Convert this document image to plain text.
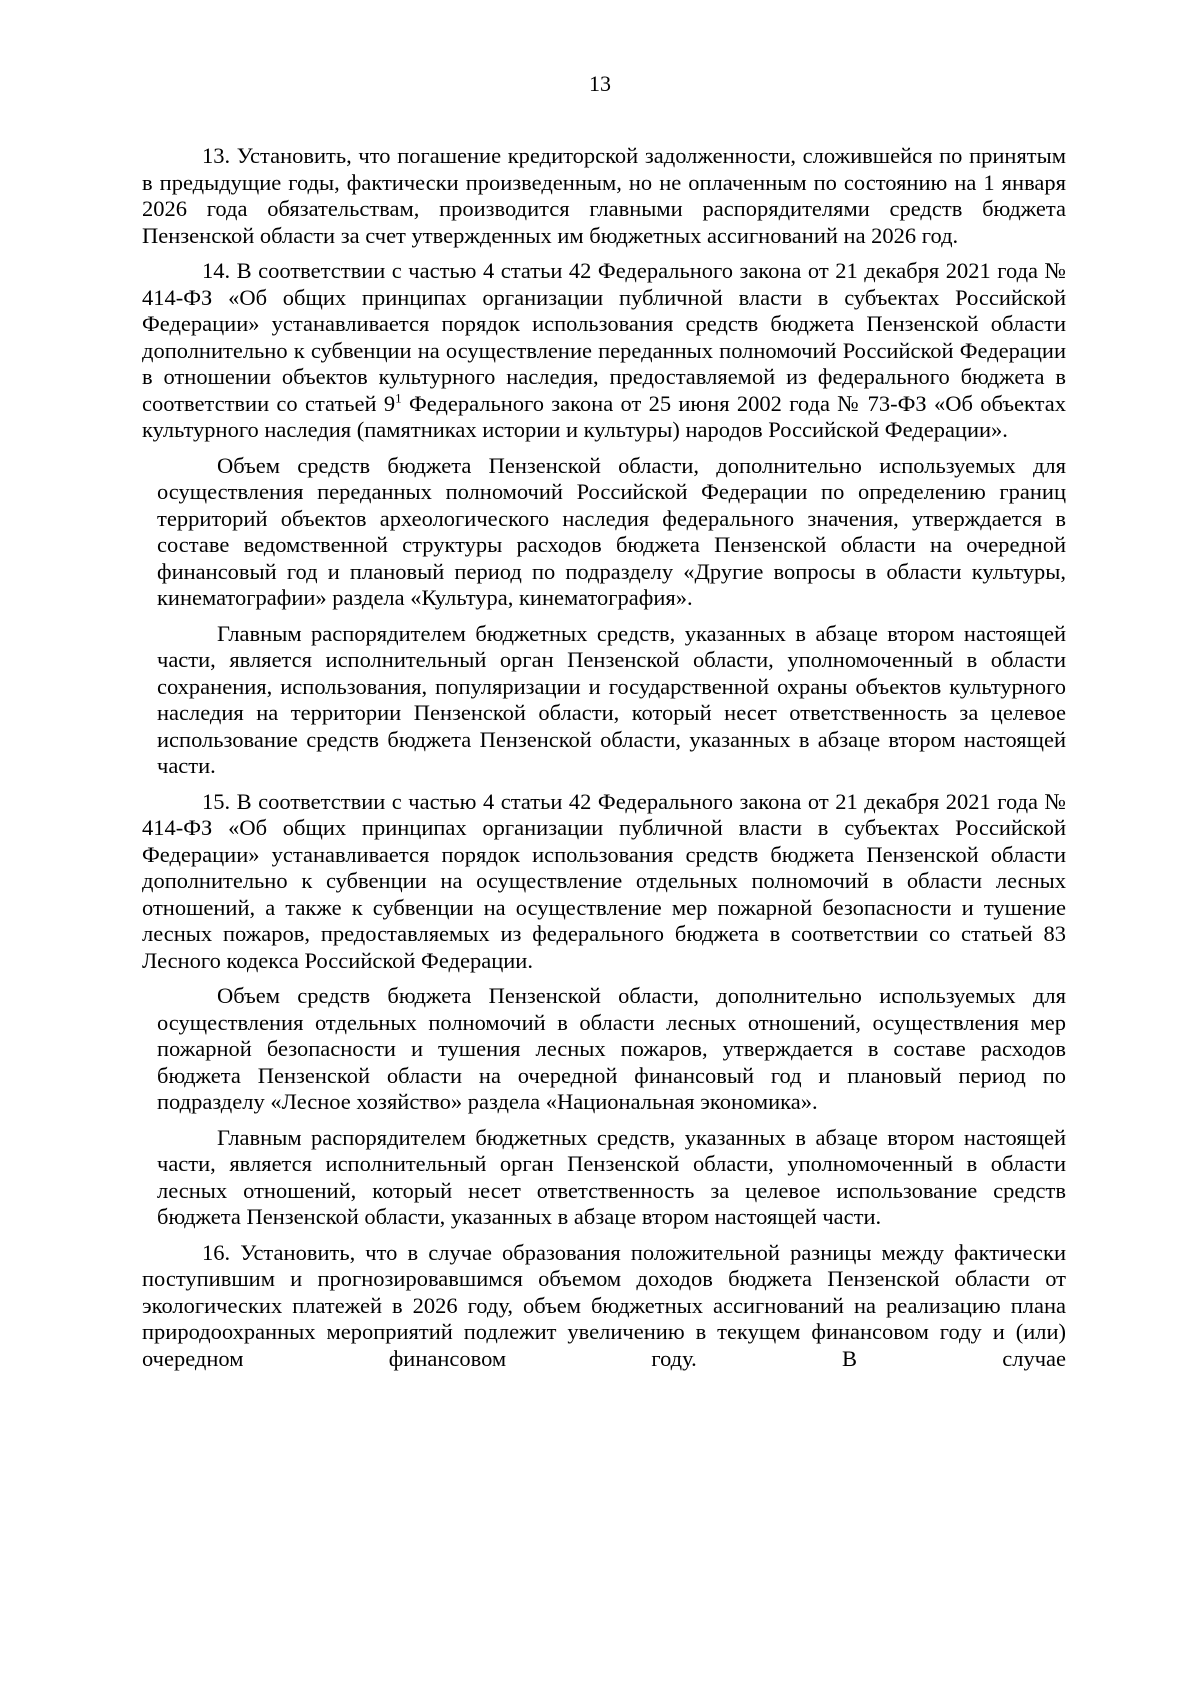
13

13. Установить, что погашение кредиторской задолженности, сложившейся по принятым в предыдущие годы, фактически произведенным, но не оплаченным по состоянию на 1 января 2026 года обязательствам, производится главными распорядителями средств бюджета Пензенской области за счет утвержденных им бюджетных ассигнований на 2026 год.

14. В соответствии с частью 4 статьи 42 Федерального закона от 21 декабря 2021 года № 414-ФЗ «Об общих принципах организации публичной власти в субъектах Российской Федерации» устанавливается порядок использования средств бюджета Пензенской области дополнительно к субвенции на осуществление переданных полномочий Российской Федерации в отношении объектов культурного наследия, предоставляемой из федерального бюджета в соответствии со статьей $9^1$ Федерального закона от 25 июня 2002 года № 73-ФЗ «Об объектах культурного наследия (памятниках истории и культуры) народов Российской Федерации».

Объем средств бюджета Пензенской области, дополнительно используемых для осуществления переданных полномочий Российской Федерации по определению границ территорий объектов археологического наследия федерального значения, утверждается в составе ведомственной структуры расходов бюджета Пензенской области на очередной финансовый год и плановый период по подразделу «Другие вопросы в области культуры, кинематографии» раздела «Культура, кинематография».

Главным распорядителем бюджетных средств, указанных в абзаце втором настоящей части, является исполнительный орган Пензенской области, уполномоченный в области сохранения, использования, популяризации и государственной охраны объектов культурного наследия на территории Пензенской области, который несет ответственность за целевое использование средств бюджета Пензенской области, указанных в абзаце втором настоящей части.

15. В соответствии с частью 4 статьи 42 Федерального закона от 21 декабря 2021 года № 414-ФЗ «Об общих принципах организации публичной власти в субъектах Российской Федерации» устанавливается порядок использования средств бюджета Пензенской области дополнительно к субвенции на осуществление отдельных полномочий в области лесных отношений, а также к субвенции на осуществление мер пожарной безопасности и тушение лесных пожаров, предоставляемых из федерального бюджета в соответствии со статьей 83 Лесного кодекса Российской Федерации.

Объем средств бюджета Пензенской области, дополнительно используемых для осуществления отдельных полномочий в области лесных отношений, осуществления мер пожарной безопасности и тушения лесных пожаров, утверждается в составе расходов бюджета Пензенской области на очередной финансовый год и плановый период по подразделу «Лесное хозяйство» раздела «Национальная экономика».

Главным распорядителем бюджетных средств, указанных в абзаце втором настоящей части, является исполнительный орган Пензенской области, уполномоченный в области лесных отношений, который несет ответственность за целевое использование средств бюджета Пензенской области, указанных в абзаце втором настоящей части.

16. Установить, что в случае образования положительной разницы между фактически поступившим и прогнозировавшимся объемом доходов бюджета Пензенской области от экологических платежей в 2026 году, объем бюджетных ассигнований на реализацию плана природоохранных мероприятий подлежит увеличению в текущем финансовом году и (или) очередном финансовом году. В случае
